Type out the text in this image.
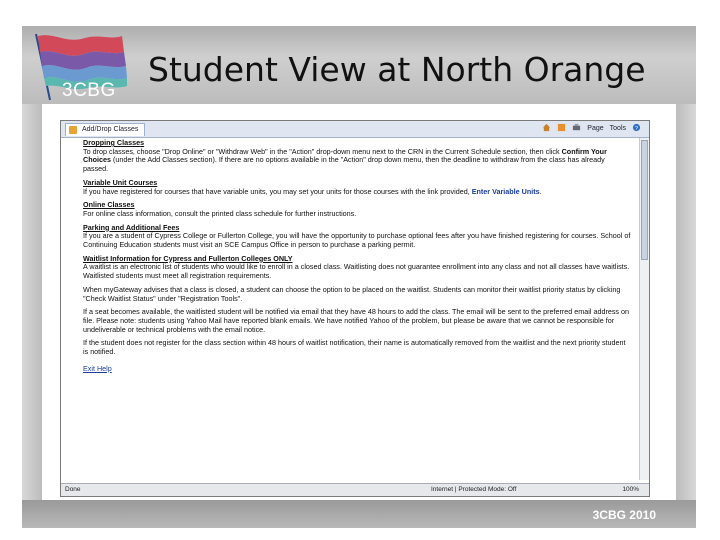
3CBG
Student View at North Orange
Add/Drop Classes	Page Tools ?
Dropping Classes
To drop classes, choose "Drop Online" or "Withdraw Web" in the "Action" drop-down menu next to the CRN in the Current Schedule section, then click Confirm Your Choices (under the Add Classes section). If there are no options available in the "Action" drop down menu, then the deadline to withdraw from the class has already passed.
Variable Unit Courses
If you have registered for courses that have variable units, you may set your units for those courses with the link provided, Enter Variable Units.
Online Classes
For online class information, consult the printed class schedule for further instructions.
Parking and Additional Fees
If you are a student of Cypress College or Fullerton College, you will have the opportunity to purchase optional fees after you have finished registering for courses. School of Continuing Education students must visit an SCE Campus Office in person to purchase a parking permit.
Waitlist Information for Cypress and Fullerton Colleges ONLY
A waitlist is an electronic list of students who would like to enroll in a closed class. Waitlisting does not guarantee enrollment into any class and not all classes have waitlists. Waitlisted students must meet all registration requirements.
When myGateway advises that a class is closed, a student can choose the option to be placed on the waitlist. Students can monitor their waitlist priority status by clicking "Check Waitlist Status" under "Registration Tools".
If a seat becomes available, the waitlisted student will be notified via email that they have 48 hours to add the class. The email will be sent to the preferred email address on file. Please note: students using Yahoo Mail have reported blank emails. We have notified Yahoo of the problem, but please be aware that we cannot be responsible for undeliverable or technical problems with the email notice.
If the student does not register for the class section within 48 hours of waitlist notification, their name is automatically removed from the waitlist and the next priority student is notified.
Exit Help
Done	Internet | Protected Mode: Off	100%
3CBG 2010
